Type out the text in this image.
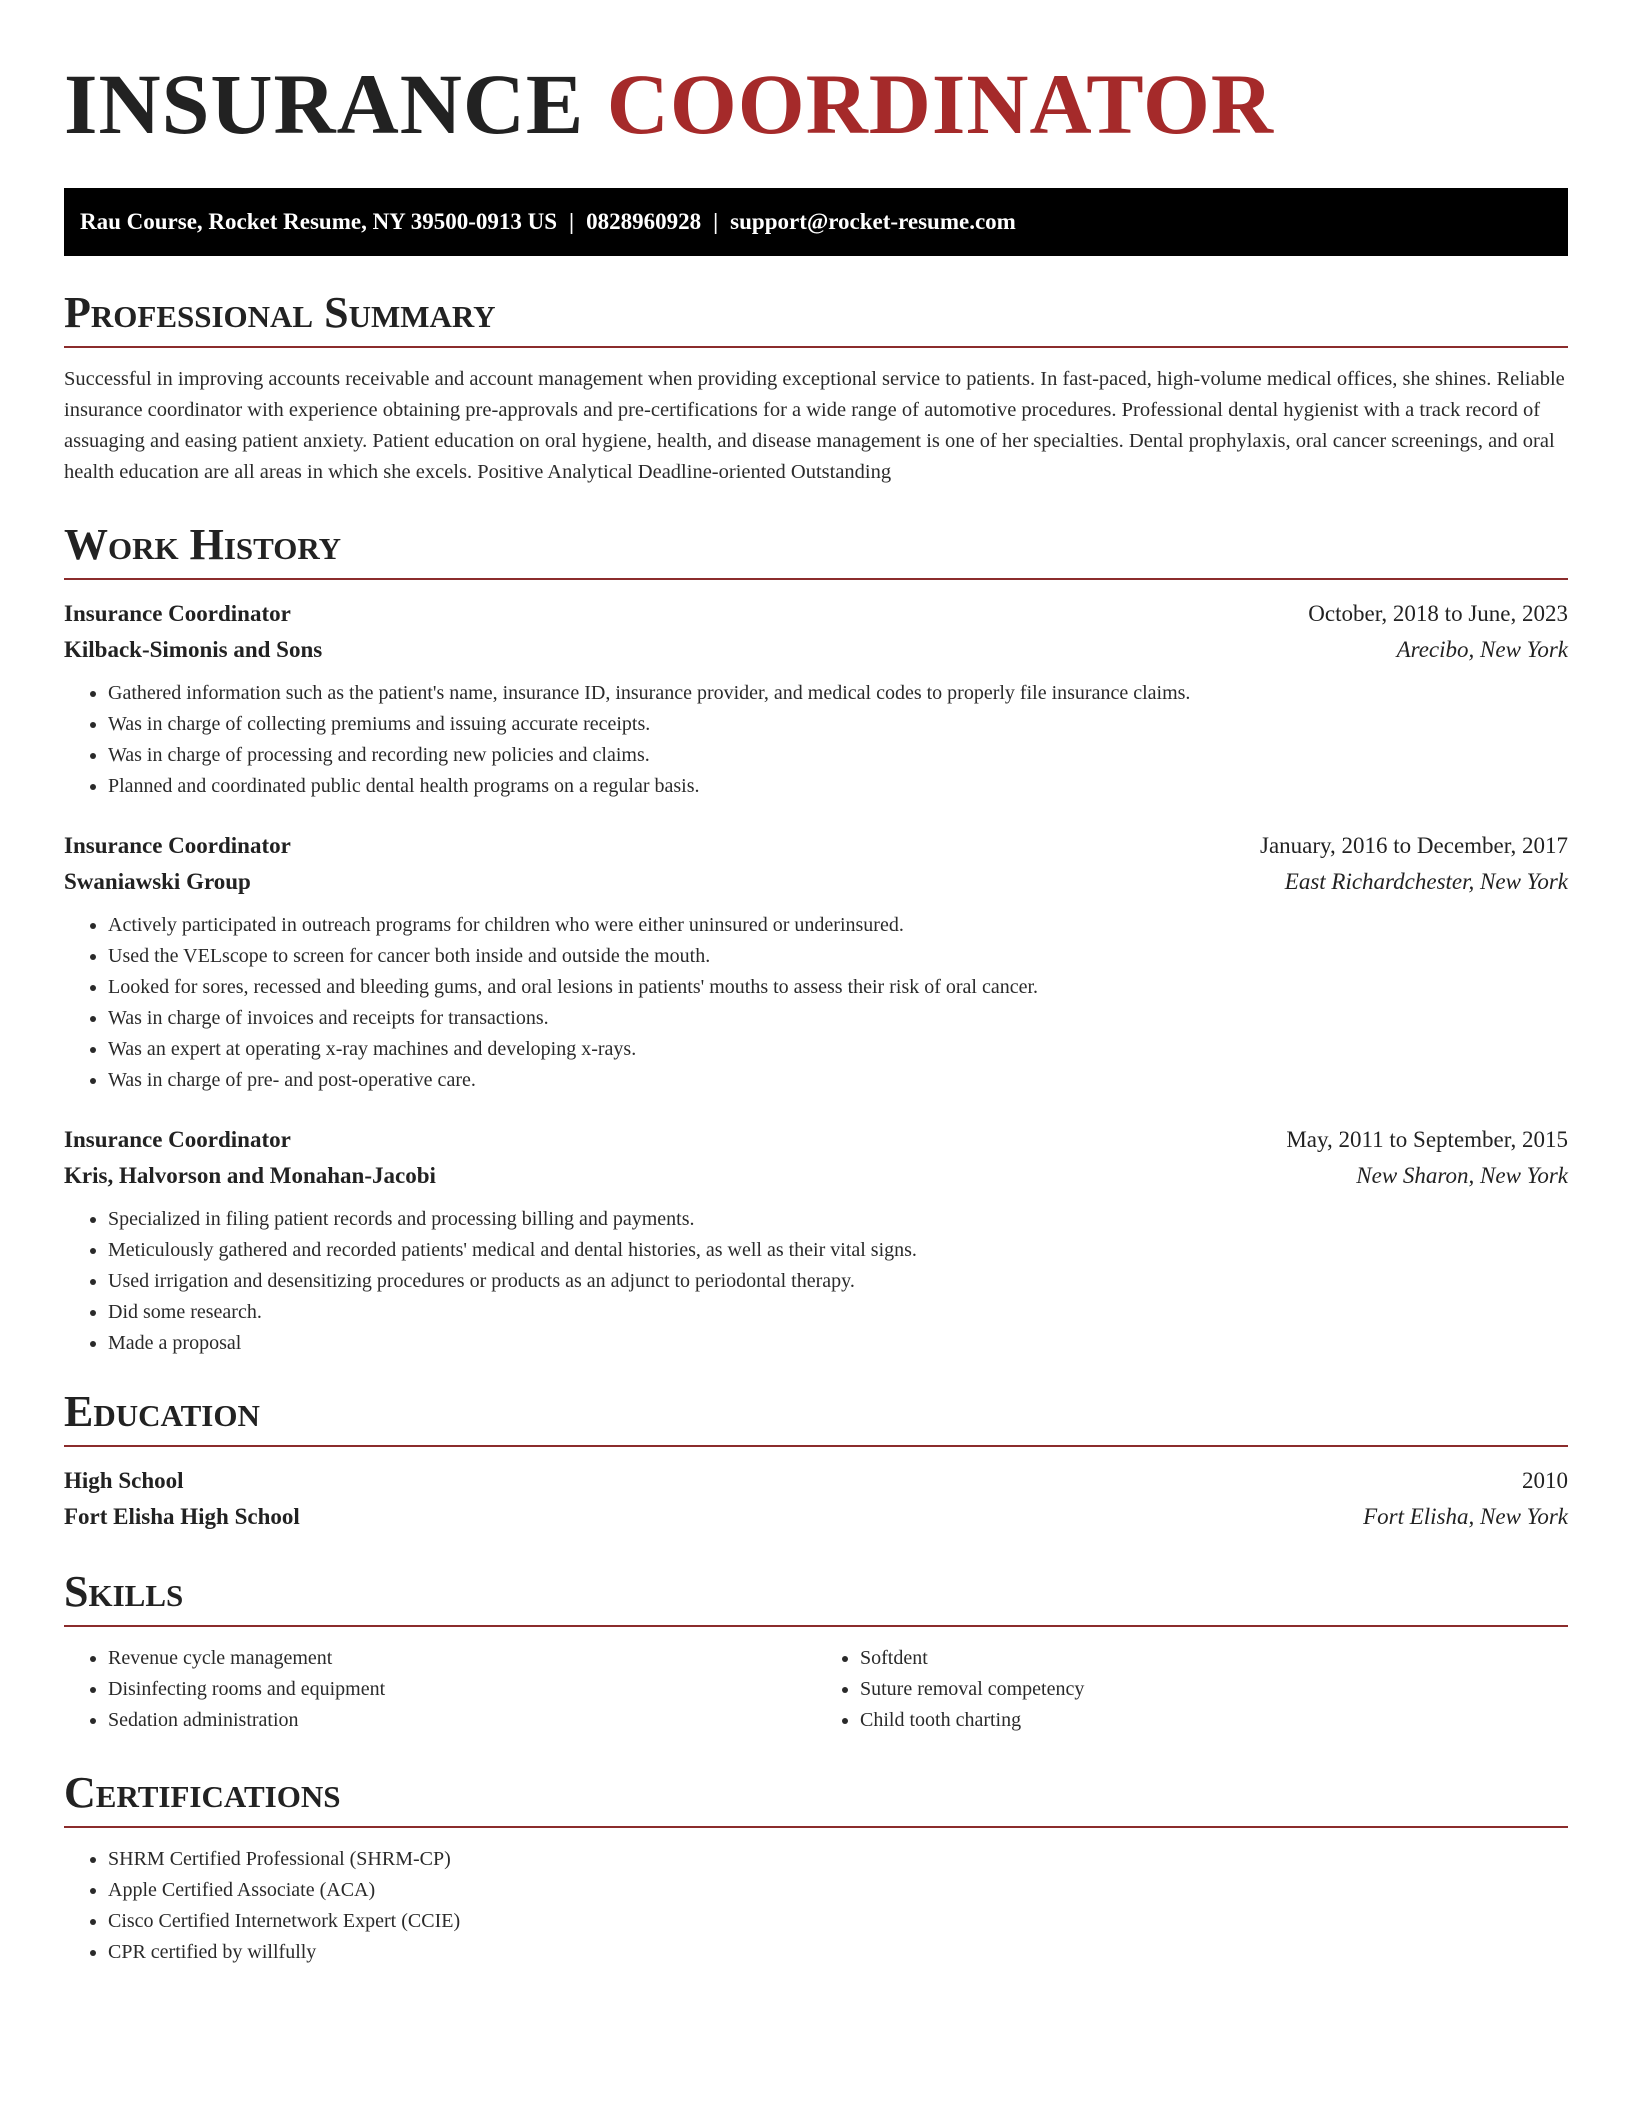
INSURANCE COORDINATOR
Rau Course, Rocket Resume, NY 39500-0913 US | 0828960928 | support@rocket-resume.com
Professional Summary

Successful in improving accounts receivable and account management when providing exceptional service to patients. In fast-paced, high-volume medical offices, she shines. Reliable insurance coordinator with experience obtaining pre-approvals and pre-certifications for a wide range of automotive procedures. Professional dental hygienist with a track record of assuaging and easing patient anxiety. Patient education on oral hygiene, health, and disease management is one of her specialties. Dental prophylaxis, oral cancer screenings, and oral health education are all areas in which she excels. Positive Analytical Deadline-oriented Outstanding

Work History
Insurance Coordinator	October, 2018 to June, 2023
Kilback-Simonis and Sons	Arecibo, New York
• Gathered information such as the patient's name, insurance ID, insurance provider, and medical codes to properly file insurance claims.
• Was in charge of collecting premiums and issuing accurate receipts.
• Was in charge of processing and recording new policies and claims.
• Planned and coordinated public dental health programs on a regular basis.
Insurance Coordinator	January, 2016 to December, 2017
Swaniawski Group	East Richardchester, New York
• Actively participated in outreach programs for children who were either uninsured or underinsured.
• Used the VELscope to screen for cancer both inside and outside the mouth.
• Looked for sores, recessed and bleeding gums, and oral lesions in patients' mouths to assess their risk of oral cancer.
• Was in charge of invoices and receipts for transactions.
• Was an expert at operating x-ray machines and developing x-rays.
• Was in charge of pre- and post-operative care.
Insurance Coordinator	May, 2011 to September, 2015
Kris, Halvorson and Monahan-Jacobi	New Sharon, New York
• Specialized in filing patient records and processing billing and payments.
• Meticulously gathered and recorded patients' medical and dental histories, as well as their vital signs.
• Used irrigation and desensitizing procedures or products as an adjunct to periodontal therapy.
• Did some research.
• Made a proposal
Education
High School	2010
Fort Elisha High School	Fort Elisha, New York
Skills
• Revenue cycle management
• Disinfecting rooms and equipment
• Sedation administration
• Softdent
• Suture removal competency
• Child tooth charting
Certifications
• SHRM Certified Professional (SHRM-CP)
• Apple Certified Associate (ACA)
• Cisco Certified Internetwork Expert (CCIE)
• CPR certified by willfully
